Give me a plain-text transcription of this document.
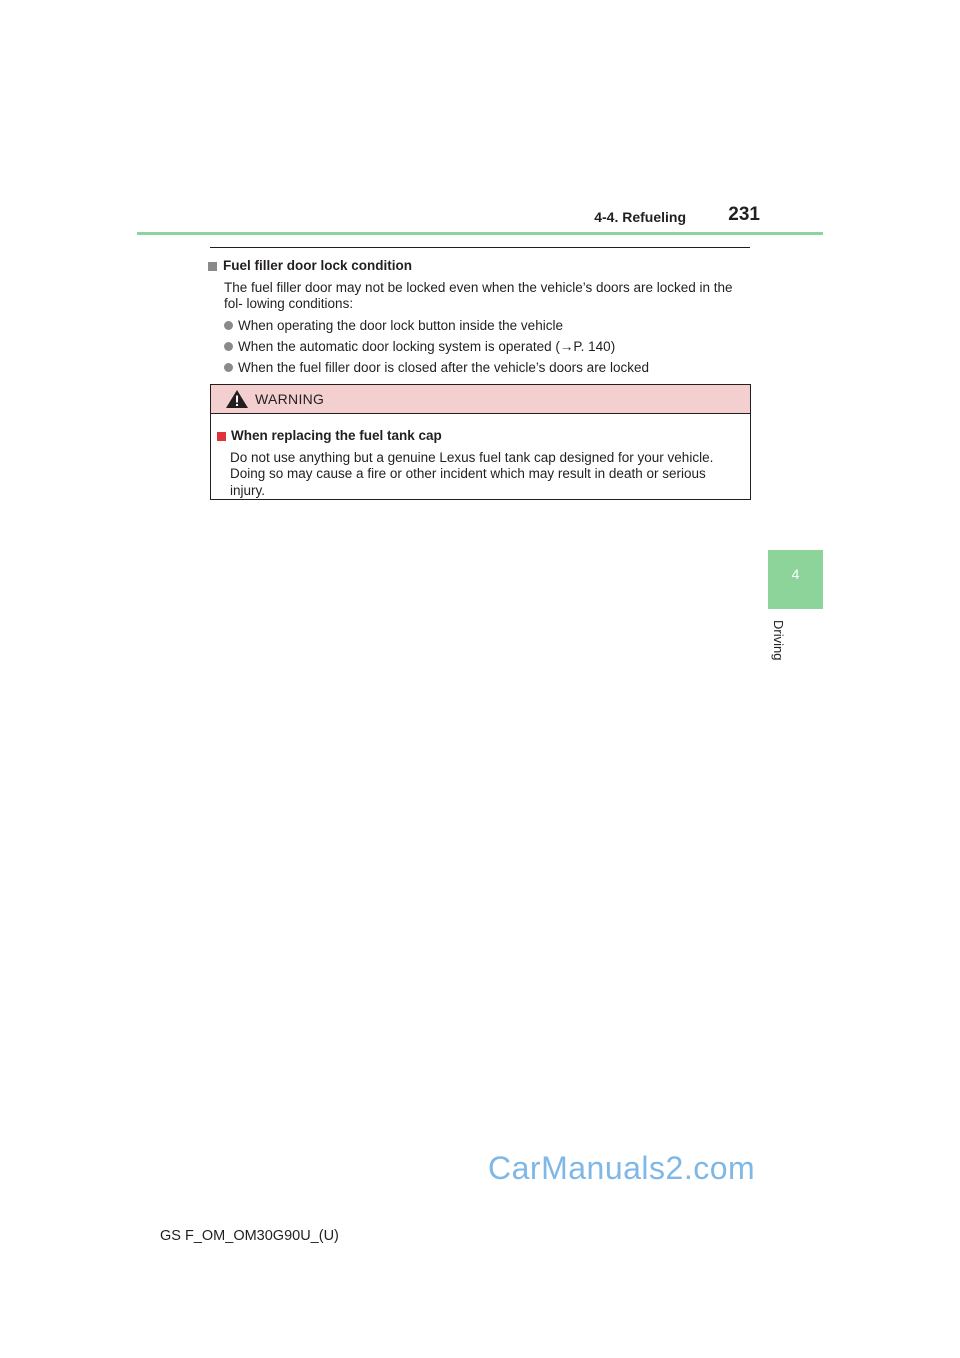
4-4. Refueling	231
4
Driving
Fuel filler door lock condition
The fuel filler door may not be locked even when the vehicle’s doors are locked in the fol- lowing conditions:
When operating the door lock button inside the vehicle
When the automatic door locking system is operated (→P. 140)
When the fuel filler door is closed after the vehicle’s doors are locked
WARNING
When replacing the fuel tank cap
Do not use anything but a genuine Lexus fuel tank cap designed for your vehicle. Doing so may cause a fire or other incident which may result in death or serious injury.
CarManuals2.com
GS F_OM_OM30G90U_(U)
